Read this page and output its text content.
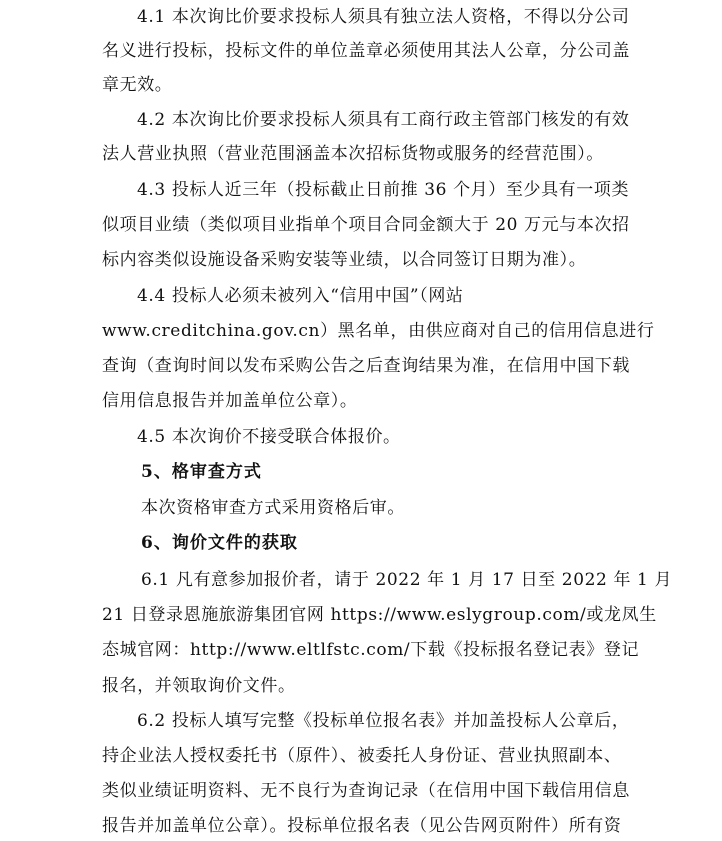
4.1 本次询比价要求投标人须具有独立法人资格，不得以分公司
名义进行投标，投标文件的单位盖章必须使用其法人公章，分公司盖
章无效。
4.2 本次询比价要求投标人须具有工商行政主管部门核发的有效
法人营业执照（营业范围涵盖本次招标货物或服务的经营范围）。
4.3 投标人近三年（投标截止日前推 36 个月）至少具有一项类
似项目业绩（类似项目业指单个项目合同金额大于 20 万元与本次招
标内容类似设施设备采购安装等业绩，以合同签订日期为准）。
4.4 投标人必须未被列入“信用中国”（网站
www.creditchina.gov.cn）黑名单，由供应商对自己的信用信息进行
查询（查询时间以发布采购公告之后查询结果为准，在信用中国下载
信用信息报告并加盖单位公章）。
4.5 本次询价不接受联合体报价。
5、格审查方式
本次资格审查方式采用资格后审。
6、询价文件的获取
6.1 凡有意参加报价者，请于 2022 年 1 月 17 日至 2022 年 1 月
21 日登录恩施旅游集团官网 https://www.eslygroup.com/或龙凤生
态城官网：http://www.eltlfstc.com/下载《投标报名登记表》登记
报名，并领取询价文件。
6.2 投标人填写完整《投标单位报名表》并加盖投标人公章后，
持企业法人授权委托书（原件）、被委托人身份证、营业执照副本、
类似业绩证明资料、无不良行为查询记录（在信用中国下载信用信息
报告并加盖单位公章）。投标单位报名表（见公告网页附件）所有资
